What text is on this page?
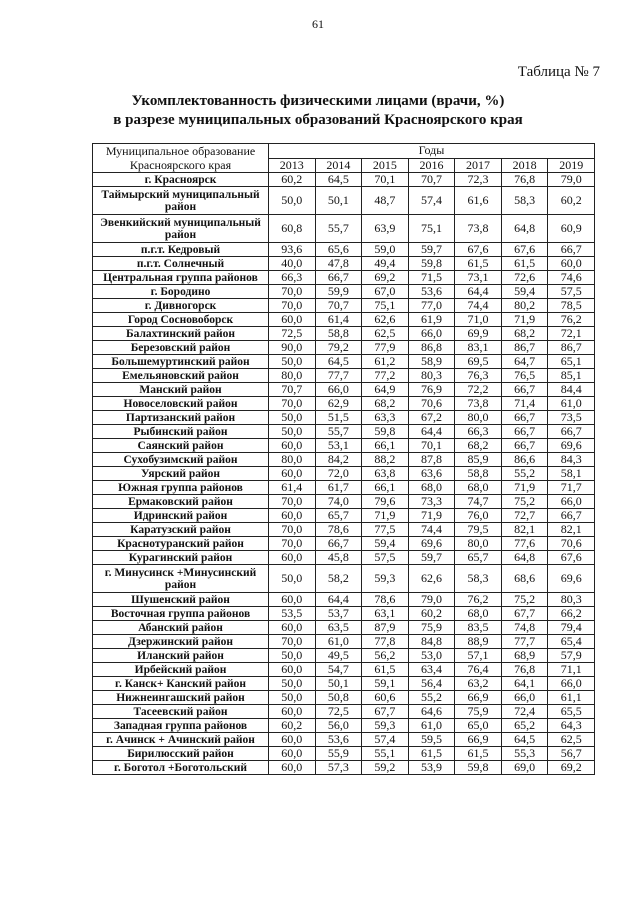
61
Таблица № 7
Укомплектованность физическими лицами (врачи, %)
в разрезе муниципальных образований Красноярского края
Муниципальное образование Красноярского края	Годы						
	2013	2014	2015	2016	2017	2018	2019
г. Красноярск	60,2	64,5	70,1	70,7	72,3	76,8	79,0
Таймырский муниципальный район	50,0	50,1	48,7	57,4	61,6	58,3	60,2
Эвенкийский муниципальный район	60,8	55,7	63,9	75,1	73,8	64,8	60,9
п.г.т. Кедровый	93,6	65,6	59,0	59,7	67,6	67,6	66,7
п.г.т. Солнечный	40,0	47,8	49,4	59,8	61,5	61,5	60,0
Центральная группа районов	66,3	66,7	69,2	71,5	73,1	72,6	74,6
г. Бородино	70,0	59,9	67,0	53,6	64,4	59,4	57,5
г. Дивногорск	70,0	70,7	75,1	77,0	74,4	80,2	78,5
Город Сосновоборск	60,0	61,4	62,6	61,9	71,0	71,9	76,2
Балахтинский район	72,5	58,8	62,5	66,0	69,9	68,2	72,1
Березовский район	90,0	79,2	77,9	86,8	83,1	86,7	86,7
Большемуртинский район	50,0	64,5	61,2	58,9	69,5	64,7	65,1
Емельяновский район	80,0	77,7	77,2	80,3	76,3	76,5	85,1
Манский район	70,7	66,0	64,9	76,9	72,2	66,7	84,4
Новоселовский район	70,0	62,9	68,2	70,6	73,8	71,4	61,0
Партизанский район	50,0	51,5	63,3	67,2	80,0	66,7	73,5
Рыбинский район	50,0	55,7	59,8	64,4	66,3	66,7	66,7
Саянский район	60,0	53,1	66,1	70,1	68,2	66,7	69,6
Сухобузимский район	80,0	84,2	88,2	87,8	85,9	86,6	84,3
Уярский район	60,0	72,0	63,8	63,6	58,8	55,2	58,1
Южная группа районов	61,4	61,7	66,1	68,0	68,0	71,9	71,7
Ермаковский район	70,0	74,0	79,6	73,3	74,7	75,2	66,0
Идринский район	60,0	65,7	71,9	71,9	76,0	72,7	66,7
Каратузский район	70,0	78,6	77,5	74,4	79,5	82,1	82,1
Краснотуранский район	70,0	66,7	59,4	69,6	80,0	77,6	70,6
Курагинский район	60,0	45,8	57,5	59,7	65,7	64,8	67,6
г. Минусинск +Минусинский район	50,0	58,2	59,3	62,6	58,3	68,6	69,6
Шушенский район	60,0	64,4	78,6	79,0	76,2	75,2	80,3
Восточная группа районов	53,5	53,7	63,1	60,2	68,0	67,7	66,2
Абанский район	60,0	63,5	87,9	75,9	83,5	74,8	79,4
Дзержинский район	70,0	61,0	77,8	84,8	88,9	77,7	65,4
Иланский район	50,0	49,5	56,2	53,0	57,1	68,9	57,9
Ирбейский район	60,0	54,7	61,5	63,4	76,4	76,8	71,1
г. Канск+ Канский район	50,0	50,1	59,1	56,4	63,2	64,1	66,0
Нижнеингашский район	50,0	50,8	60,6	55,2	66,9	66,0	61,1
Тасеевский район	60,0	72,5	67,7	64,6	75,9	72,4	65,5
Западная группа районов	60,2	56,0	59,3	61,0	65,0	65,2	64,3
г. Ачинск + Ачинский район	60,0	53,6	57,4	59,5	66,9	64,5	62,5
Бирилюсский район	60,0	55,9	55,1	61,5	61,5	55,3	56,7
г. Боготол +Боготольский	60,0	57,3	59,2	53,9	59,8	69,0	69,2
